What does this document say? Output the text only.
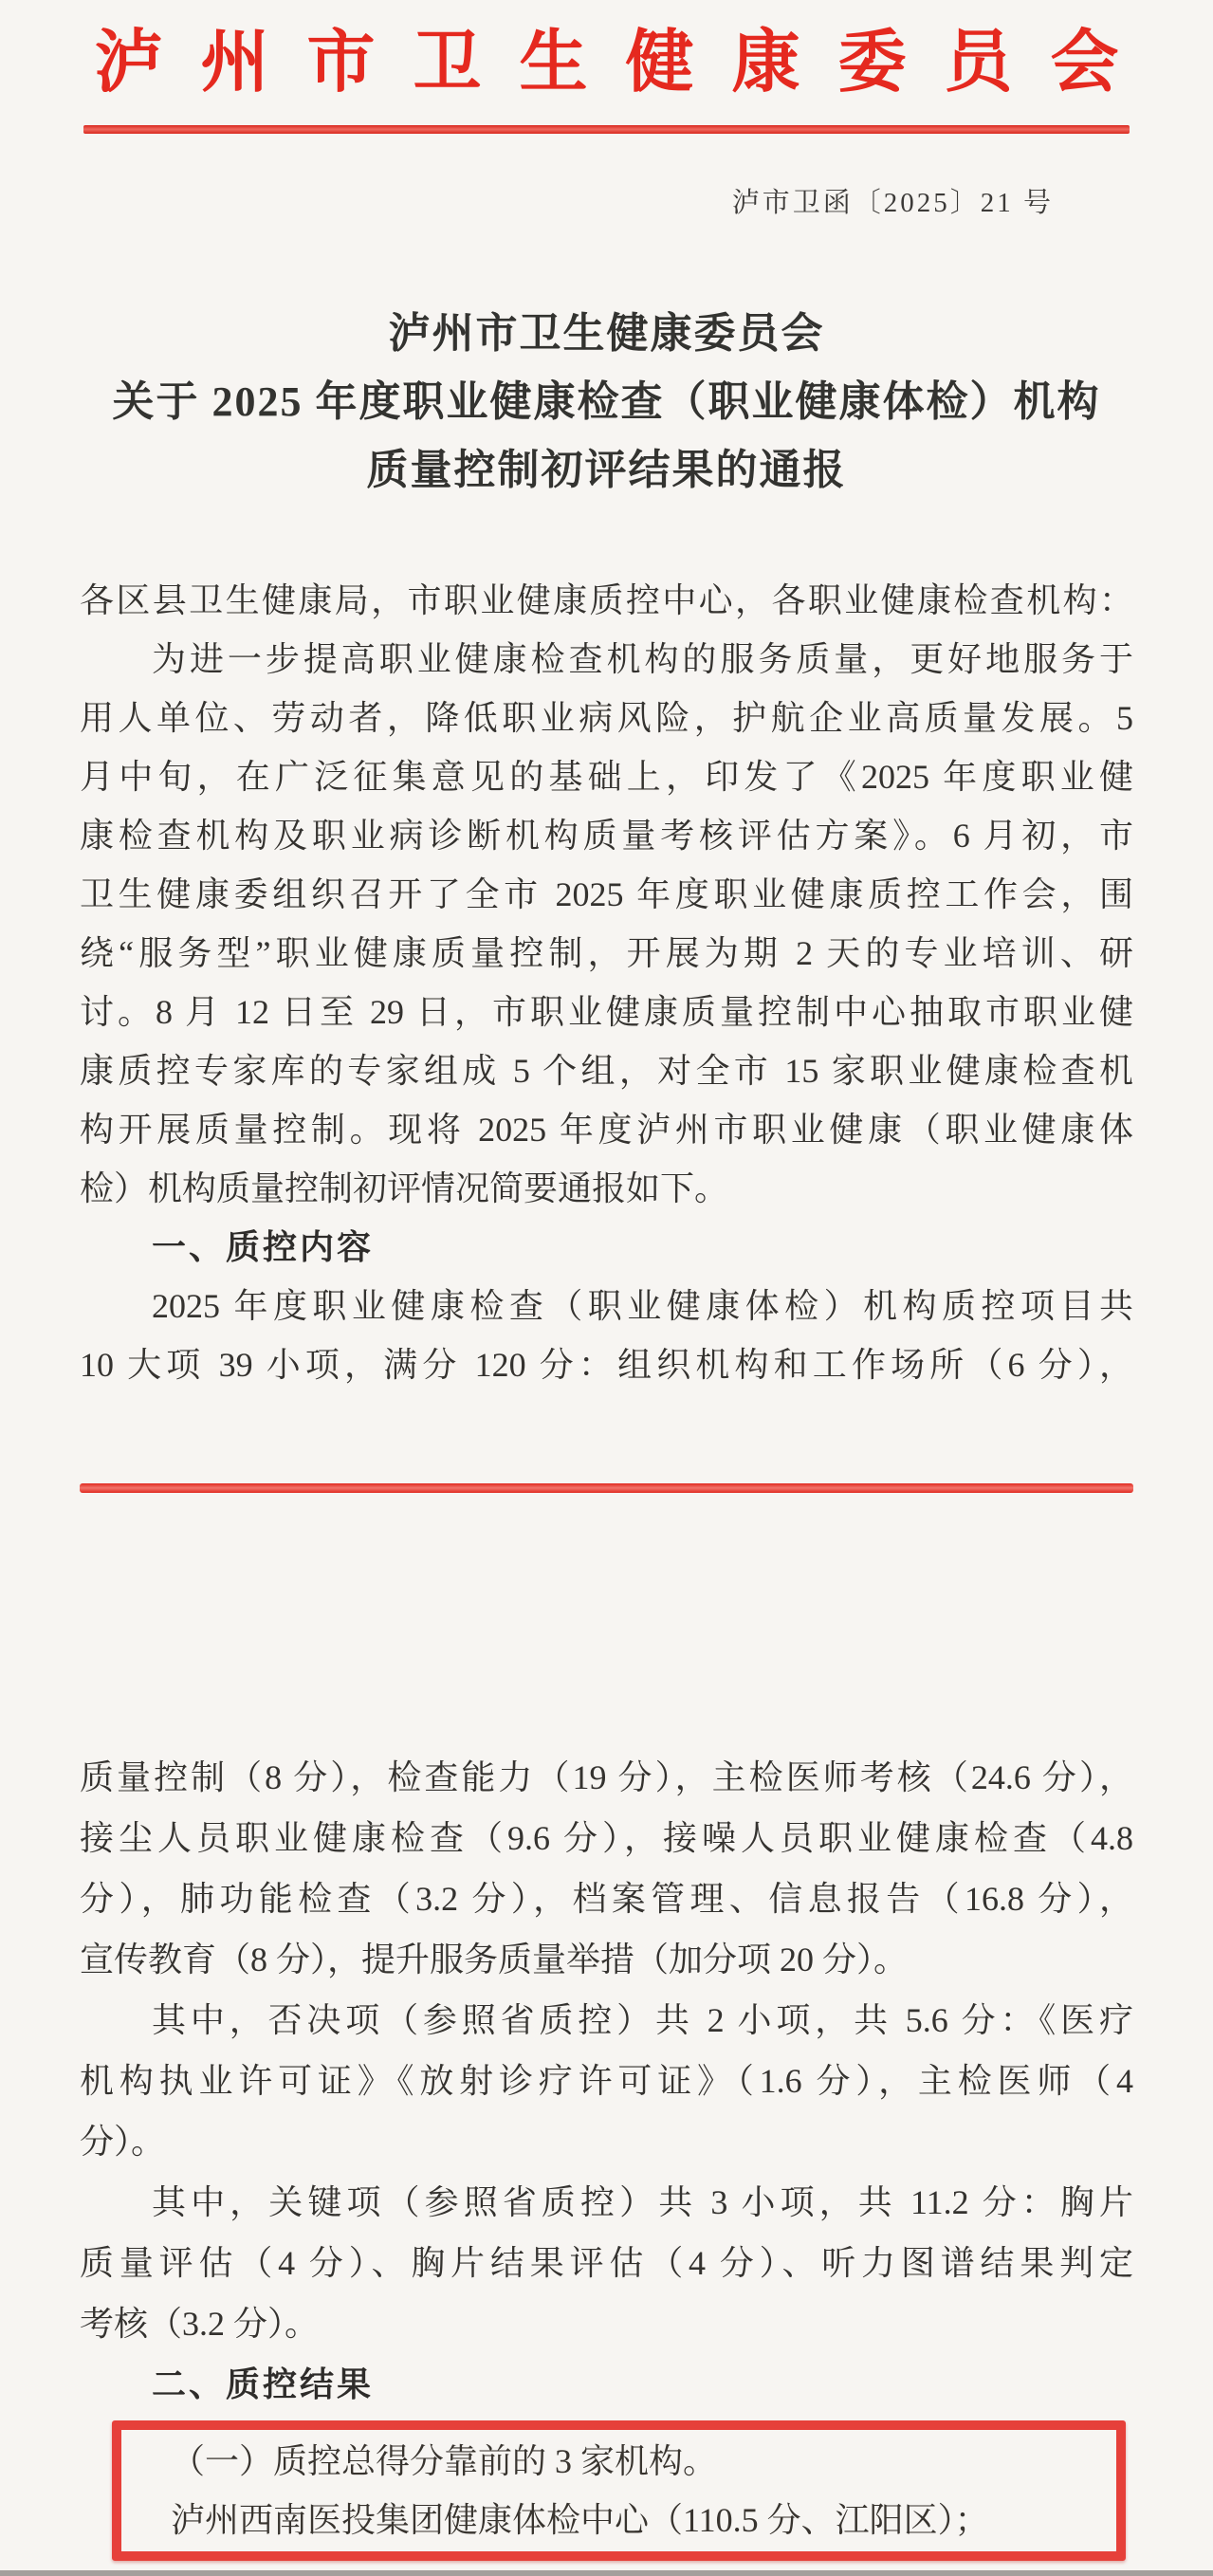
泸州市卫生健康委员会
泸市卫函〔2025〕21 号
泸州市卫生健康委员会
关于 2025 年度职业健康检查（职业健康体检）机构
质量控制初评结果的通报
各区县卫生健康局，市职业健康质控中心，各职业健康检查机构：
为进一步提高职业健康检查机构的服务质量，更好地服务于
用人单位、劳动者，降低职业病风险，护航企业高质量发展。5
月中旬，在广泛征集意见的基础上，印发了《2025 年度职业健
康检查机构及职业病诊断机构质量考核评估方案》。6 月初，市
卫生健康委组织召开了全市 2025 年度职业健康质控工作会，围
绕“服务型”职业健康质量控制，开展为期 2 天的专业培训、研
讨。8 月 12 日至 29 日，市职业健康质量控制中心抽取市职业健
康质控专家库的专家组成 5 个组，对全市 15 家职业健康检查机
构开展质量控制。现将 2025 年度泸州市职业健康（职业健康体
检）机构质量控制初评情况简要通报如下。
一、质控内容
2025 年度职业健康检查（职业健康体检）机构质控项目共
10 大项 39 小项，满分 120 分：组织机构和工作场所（6 分），
质量控制（8 分），检查能力（19 分），主检医师考核（24.6 分），
接尘人员职业健康检查（9.6 分），接噪人员职业健康检查（4.8
分），肺功能检查（3.2 分），档案管理、信息报告（16.8 分），
宣传教育（8 分），提升服务质量举措（加分项 20 分）。
其中，否决项（参照省质控）共 2 小项，共 5.6 分：《医疗
机构执业许可证》《放射诊疗许可证》（1.6 分），主检医师（4
分）。
其中，关键项（参照省质控）共 3 小项，共 11.2 分：胸片
质量评估（4 分）、胸片结果评估（4 分）、听力图谱结果判定
考核（3.2 分）。
二、质控结果
（一）质控总得分靠前的 3 家机构。
泸州西南医投集团健康体检中心（110.5 分、江阳区）；
